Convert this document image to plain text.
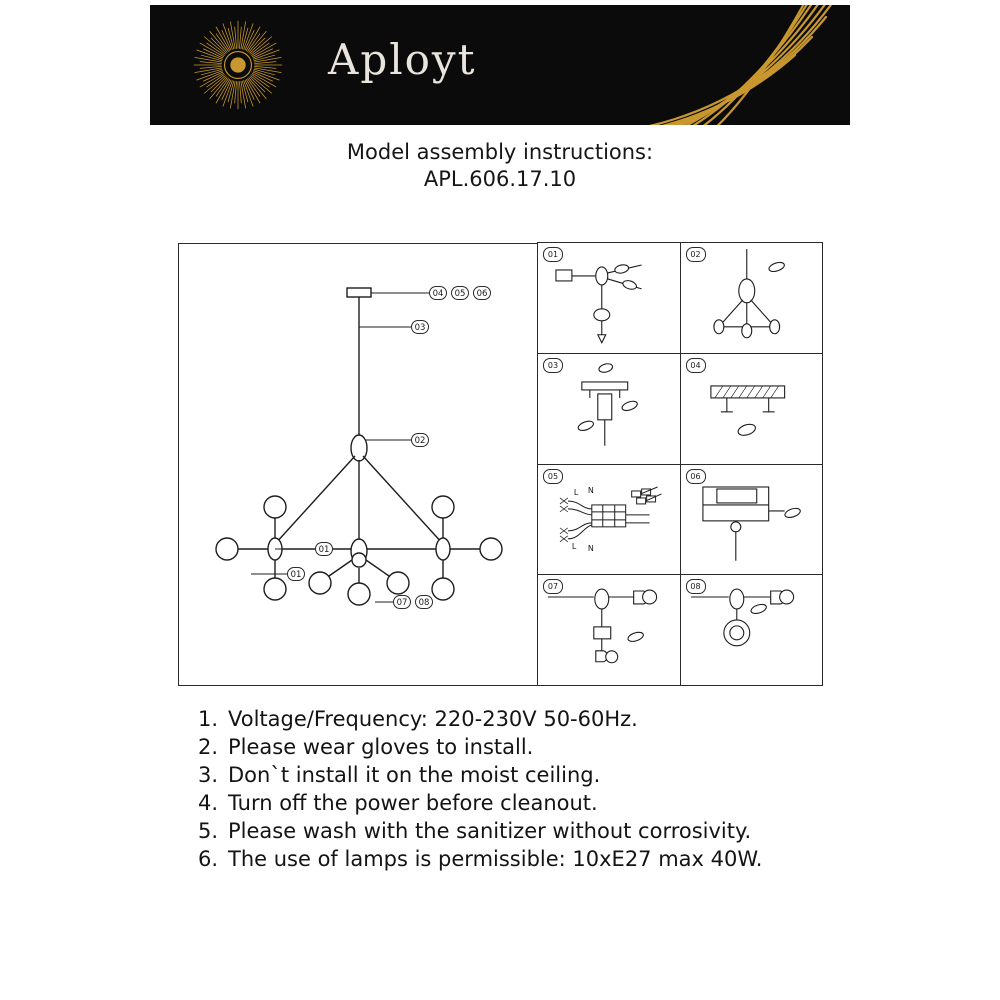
Aployt
Model assembly instructions:
APL.606.17.10
04	05	06
03
02
01
01
07	08
01	02
03	04
05
L N
L N
06
07	08
1. Voltage/Frequency: 220-230V 50-60Hz.
2. Please wear gloves to install.
3. Don`t install it on the moist ceiling.
4. Turn off the power before cleanout.
5. Please wash with the sanitizer without corrosivity.
6. The use of lamps is permissible: 10xE27 max 40W.
